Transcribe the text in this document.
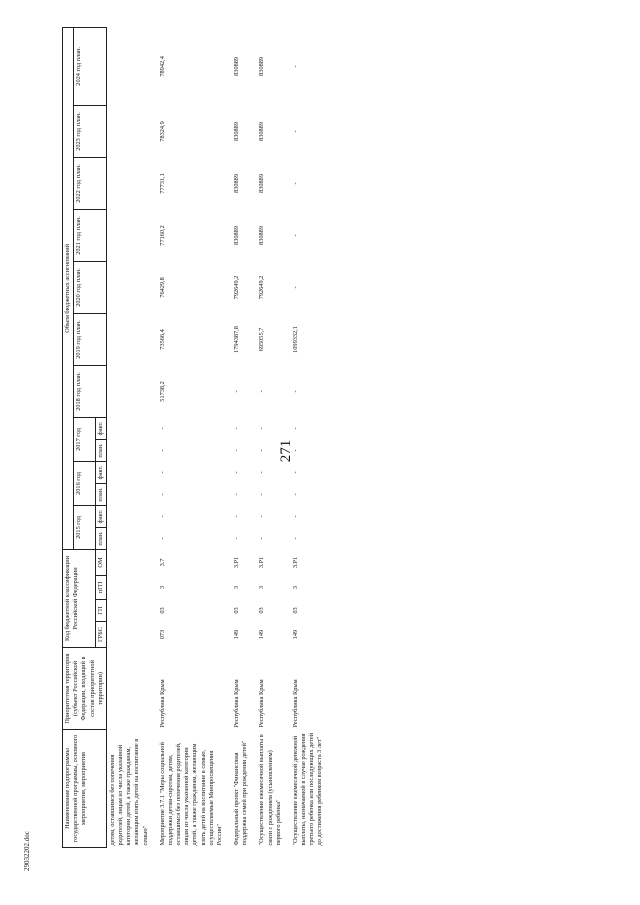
271
Наименование подпрограммы государственной программы, основного мероприятия, мероприятия	Приоритетная территория (субъект Российской Федерации, входящий в состав приоритетной территории)	Код бюджетной классификации Российской Федерации				Объем бюджетных ассигнований												
						2015 год		2016 год		2017 год		2018 год план.	2019 год план.	2020 год план.	2021 год план.	2022 год план.	2023 год план.	2024 год план.
		ГРБС	ГП	пГП	ОМ	план.	факт.	план.	факт.	план.	факт.							
детям, оставшимся без попечения родителей, лицам из числа указанной категории детей, а также гражданам, желающим взять детей на воспитание в семью"																		
Мероприятие 3.7.1 "Меры социальной поддержки детям-сиротам, детям, оставшимся без попечения родителей, лицам из числа указанной категории детей, а также гражданам, желающим взять детей на воспитание в семью, осуществляемые Минпросвещения России"	Республика Крым	073	03	3	3.7	-	-	-	-	-	-	51738,2	73566,4	76429,8	77160,2	77731,1	78324,9	78942,4
Федеральный проект "Финансовая поддержка семей при рождении детей"	Республика Крым	149	03	3	3.Р1	-	-	-	-	-	-	-	1794387,8	792649,2	830889	830889	830889	830889
"Осуществление ежемесячной выплаты в связи с рождением (усыновлением) первого ребенка"	Республика Крым	149	03	3	3.Р1	-	-	-	-	-	-	-	695055,7	792649,2	830889	830889	830889	830889
"Осуществление ежемесячной денежной выплаты, назначаемой в случае рождения третьего ребенка или последующих детей до достижения ребенком возраста 3 лет"	Республика Крым	149	03	3	3.Р1	-	-	-	-	-	-	-	1099332,1	-	-	-	-	-
29032202.doc
